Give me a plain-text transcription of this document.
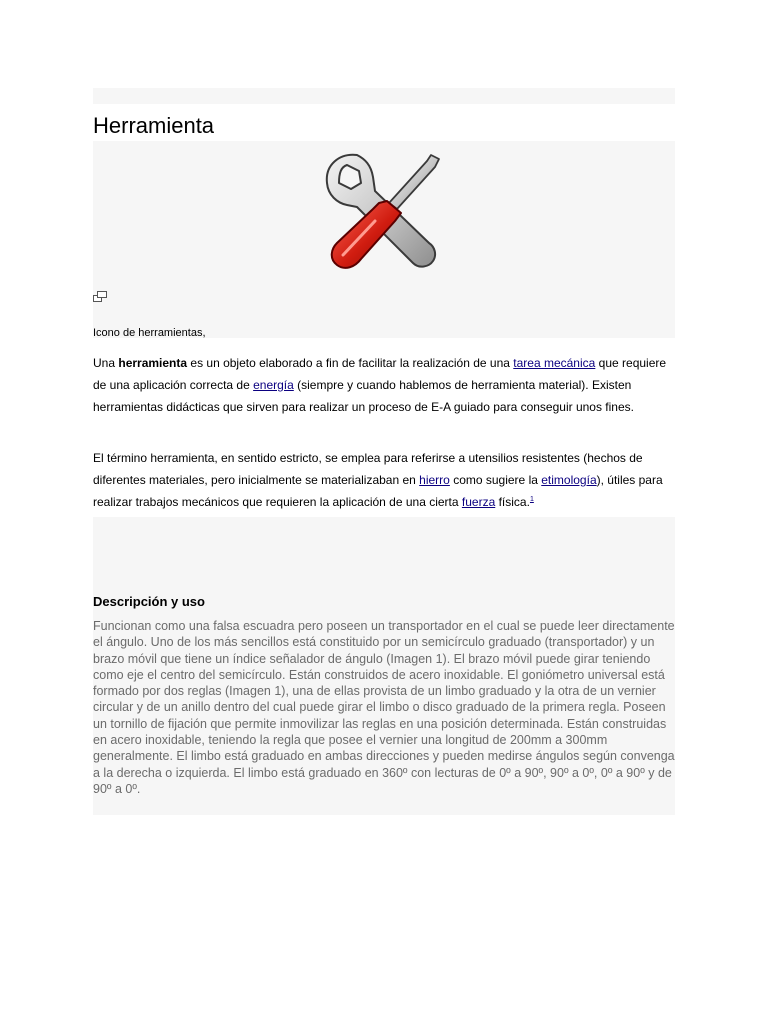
Herramienta
Icono de herramientas,

Una herramienta es un objeto elaborado a fin de facilitar la realización de una tarea mecánica que requiere de una aplicación correcta de energía (siempre y cuando hablemos de herramienta material). Existen herramientas didácticas que sirven para realizar un proceso de E-A guiado para conseguir unos fines.

El término herramienta, en sentido estricto, se emplea para referirse a utensilios resistentes (hechos de diferentes materiales, pero inicialmente se materializaban en hierro como sugiere la etimología), útiles para realizar trabajos mecánicos que requieren la aplicación de una cierta fuerza física.$^1$

Descripción y uso

Funcionan como una falsa escuadra pero poseen un transportador en el cual se puede leer directamente el ángulo. Uno de los más sencillos está constituido por un semicírculo graduado (transportador) y un brazo móvil que tiene un índice señalador de ángulo (Imagen 1). El brazo móvil puede girar teniendo como eje el centro del semicírculo. Están construidos de acero inoxidable. El goniómetro universal está formado por dos reglas (Imagen 1), una de ellas provista de un limbo graduado y la otra de un vernier circular y de un anillo dentro del cual puede girar el limbo o disco graduado de la primera regla. Poseen un tornillo de fijación que permite inmovilizar las reglas en una posición determinada. Están construidas en acero inoxidable, teniendo la regla que posee el vernier una longitud de 200mm a 300mm generalmente. El limbo está graduado en ambas direcciones y pueden medirse ángulos según convenga a la derecha o izquierda. El limbo está graduado en 360º con lecturas de 0º a 90º, 90º a 0º, 0º a 90º y de 90º a 0º.
